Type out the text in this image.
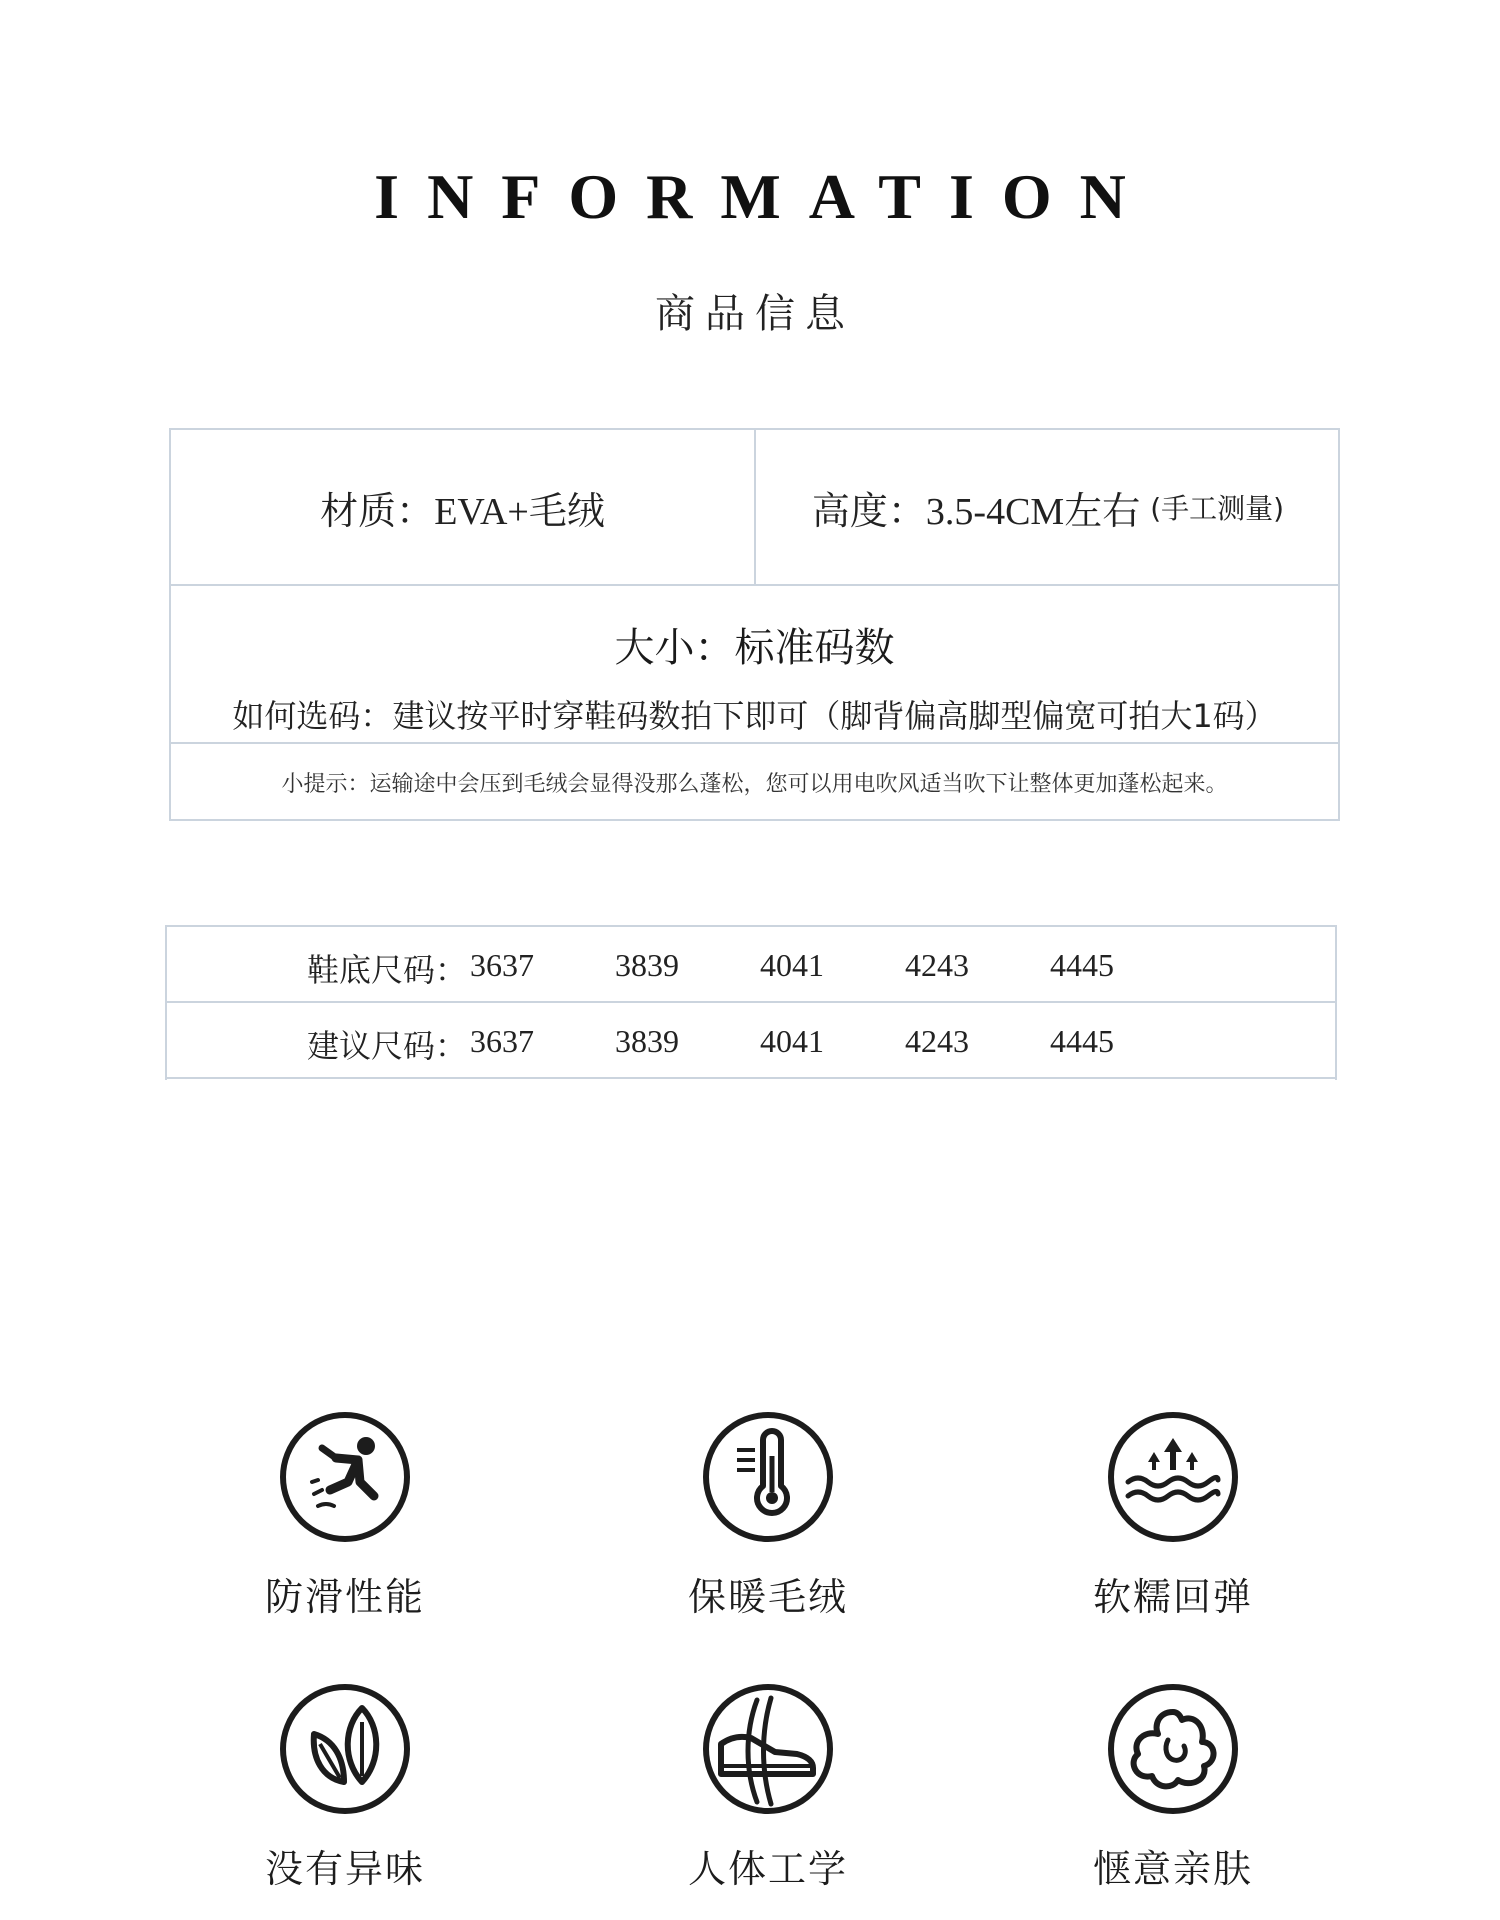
INFORMATION
商品信息
材质： EVA+毛绒	高度： 3.5-4CM左右 (手工测量)
大小：标准码数
如何选码：建议按平时穿鞋码数拍下即可（脚背偏高脚型偏宽可拍大1码）
小提示：运输途中会压到毛绒会显得没那么蓬松，您可以用电吹风适当吹下让整体更加蓬松起来。
鞋底尺码： 3637	3839	4041	4243	4445
建议尺码： 3637	3839	4041	4243	4445
防滑性能	保暖毛绒	软糯回弹
没有异味	人体工学	惬意亲肤
